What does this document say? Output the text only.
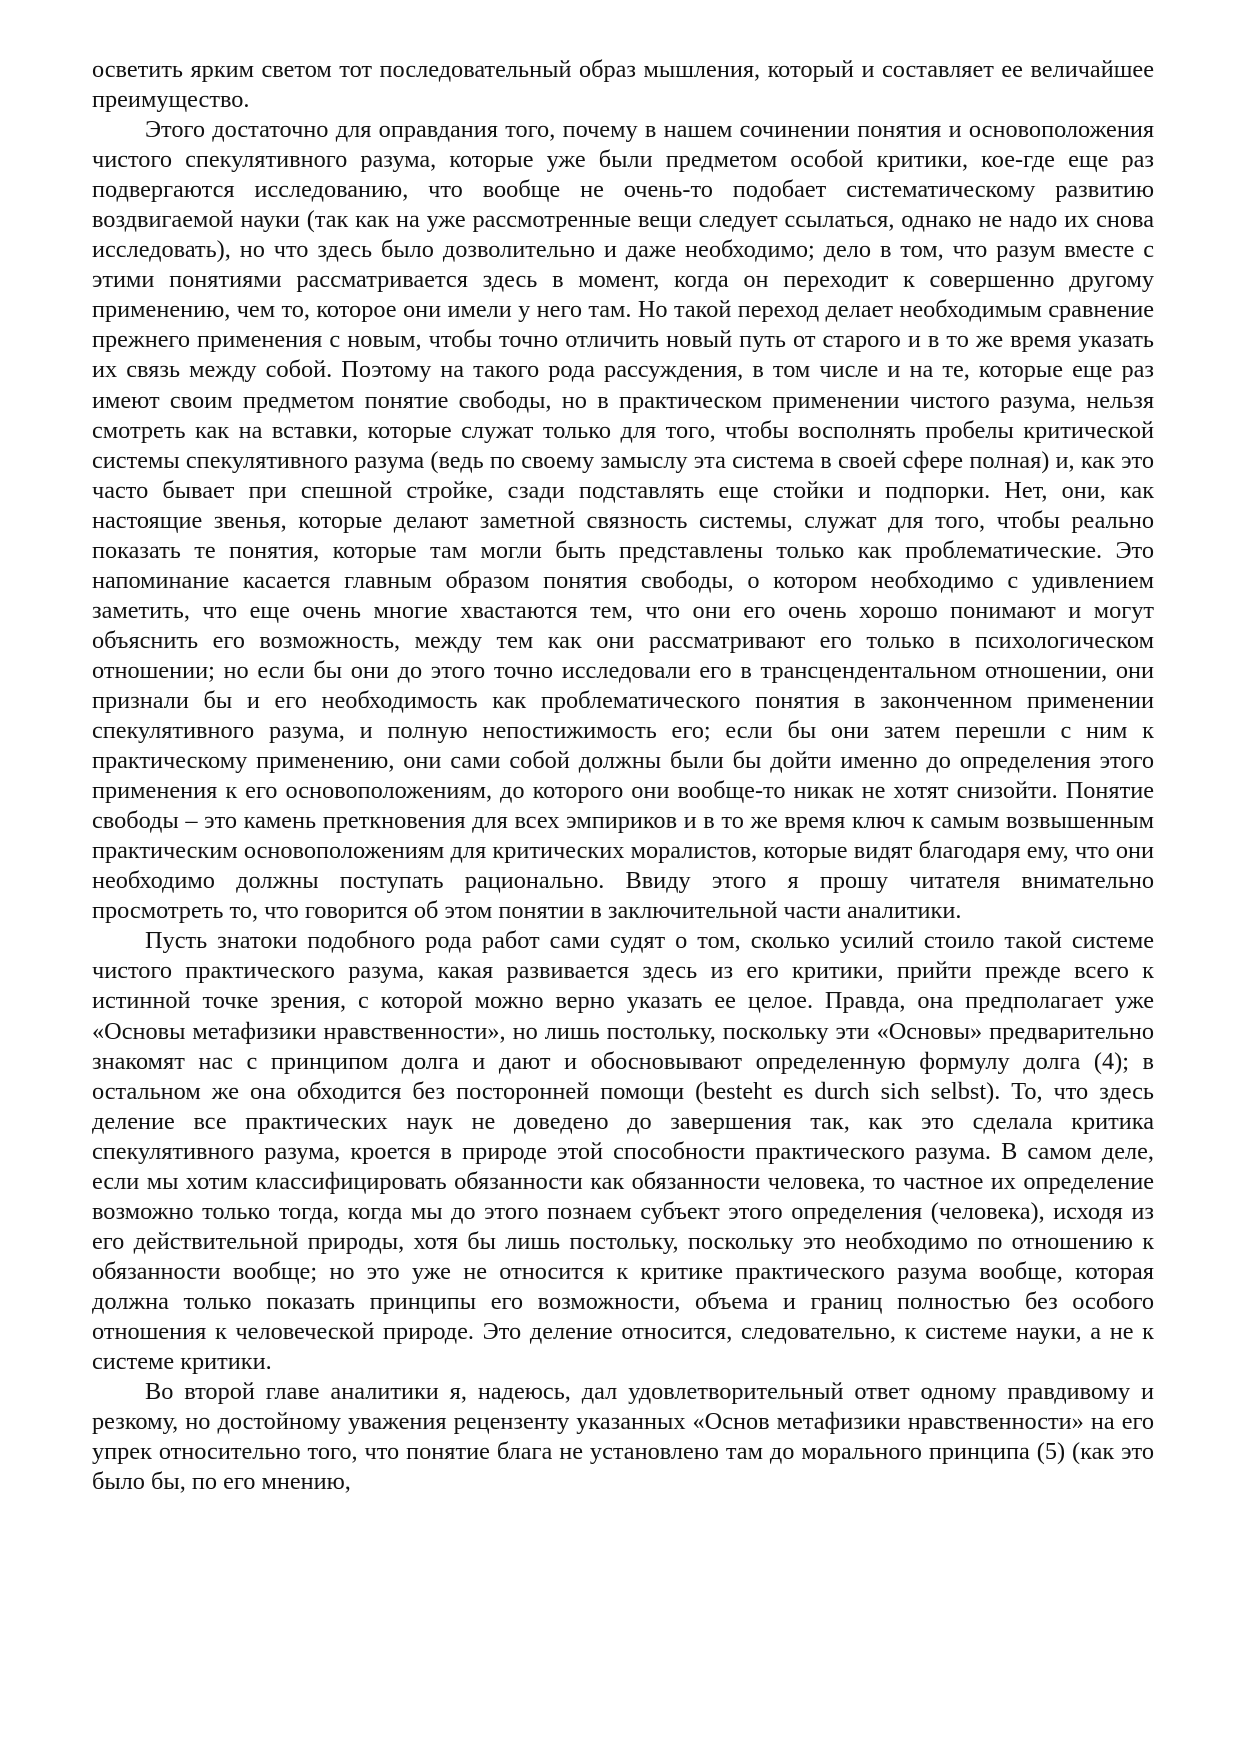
осветить ярким светом тот последовательный образ мышления, который и составляет ее величайшее преимущество.

Этого достаточно для оправдания того, почему в нашем сочинении понятия и основоположения чистого спекулятивного разума, которые уже были предметом особой критики, кое-где еще раз подвергаются исследованию, что вообще не очень-то подобает систематическому развитию воздвигаемой науки (так как на уже рассмотренные вещи следует ссылаться, однако не надо их снова исследовать), но что здесь было дозволительно и даже необходимо; дело в том, что разум вместе с этими понятиями рассматривается здесь в момент, когда он переходит к совершенно другому применению, чем то, которое они имели у него там. Но такой переход делает необходимым сравнение прежнего применения с новым, чтобы точно отличить новый путь от старого и в то же время указать их связь между собой. Поэтому на такого рода рассуждения, в том числе и на те, которые еще раз имеют своим предметом понятие свободы, но в практическом применении чистого разума, нельзя смотреть как на вставки, которые служат только для того, чтобы восполнять пробелы критической системы спекулятивного разума (ведь по своему замыслу эта система в своей сфере полная) и, как это часто бывает при спешной стройке, сзади подставлять еще стойки и подпорки. Нет, они, как настоящие звенья, которые делают заметной связность системы, служат для того, чтобы реально показать те понятия, которые там могли быть представлены только как проблематические. Это напоминание касается главным образом понятия свободы, о котором необходимо с удивлением заметить, что еще очень многие хвастаются тем, что они его очень хорошо понимают и могут объяснить его возможность, между тем как они рассматривают его только в психологическом отношении; но если бы они до этого точно исследовали его в трансцендентальном отношении, они признали бы и его необходимость как проблематического понятия в законченном применении спекулятивного разума, и полную непостижимость его; если бы они затем перешли с ним к практическому применению, они сами собой должны были бы дойти именно до определения этого применения к его основоположениям, до которого они вообще-то никак не хотят снизойти. Понятие свободы – это камень преткновения для всех эмпириков и в то же время ключ к самым возвышенным практическим основоположениям для критических моралистов, которые видят благодаря ему, что они необходимо должны поступать рационально. Ввиду этого я прошу читателя внимательно просмотреть то, что говорится об этом понятии в заключительной части аналитики.

Пусть знатоки подобного рода работ сами судят о том, сколько усилий стоило такой системе чистого практического разума, какая развивается здесь из его критики, прийти прежде всего к истинной точке зрения, с которой можно верно указать ее целое. Правда, она предполагает уже «Основы метафизики нравственности», но лишь постольку, поскольку эти «Основы» предварительно знакомят нас с принципом долга и дают и обосновывают определенную формулу долга (4); в остальном же она обходится без посторонней помощи (besteht es durch sich selbst). То, что здесь деление все практических наук не доведено до завершения так, как это сделала критика спекулятивного разума, кроется в природе этой способности практического разума. В самом деле, если мы хотим классифицировать обязанности как обязанности человека, то частное их определение возможно только тогда, когда мы до этого познаем субъект этого определения (человека), исходя из его действительной природы, хотя бы лишь постольку, поскольку это необходимо по отношению к обязанности вообще; но это уже не относится к критике практического разума вообще, которая должна только показать принципы его возможности, объема и границ полностью без особого отношения к человеческой природе. Это деление относится, следовательно, к системе науки, а не к системе критики.

Во второй главе аналитики я, надеюсь, дал удовлетворительный ответ одному правдивому и резкому, но достойному уважения рецензенту указанных «Основ метафизики нравственности» на его упрек относительно того, что понятие блага не установлено там до морального принципа (5) (как это было бы, по его мнению,
